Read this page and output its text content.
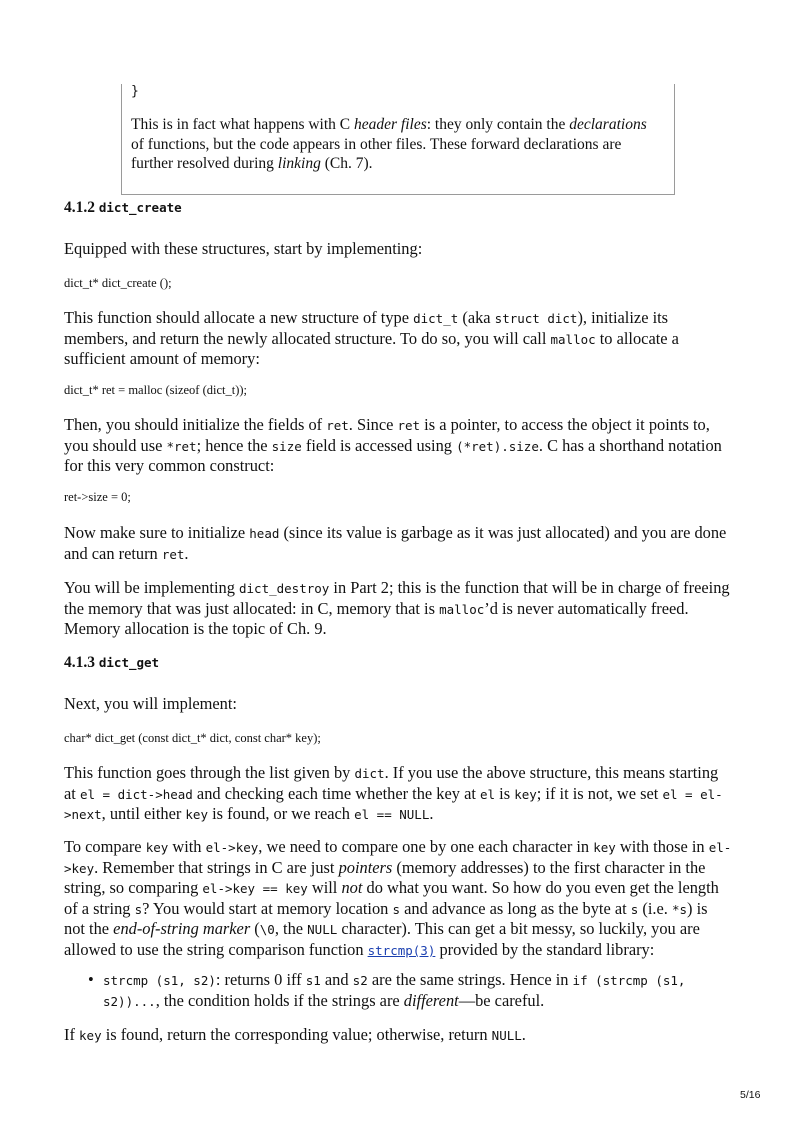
}
This is in fact what happens with C header files: they only contain the declarations of functions, but the code appears in other files. These forward declarations are further resolved during linking (Ch. 7).
4.1.2 dict_create
Equipped with these structures, start by implementing:
dict_t* dict_create ();
This function should allocate a new structure of type dict_t (aka struct dict), initialize its members, and return the newly allocated structure. To do so, you will call malloc to allocate a sufficient amount of memory:
dict_t* ret = malloc (sizeof (dict_t));
Then, you should initialize the fields of ret. Since ret is a pointer, to access the object it points to, you should use *ret; hence the size field is accessed using (*ret).size. C has a shorthand notation for this very common construct:
ret->size = 0;
Now make sure to initialize head (since its value is garbage as it was just allocated) and you are done and can return ret.
You will be implementing dict_destroy in Part 2; this is the function that will be in charge of freeing the memory that was just allocated: in C, memory that is malloc’d is never automatically freed. Memory allocation is the topic of Ch. 9.
4.1.3 dict_get
Next, you will implement:
char* dict_get (const dict_t* dict, const char* key);
This function goes through the list given by dict. If you use the above structure, this means starting at el = dict->head and checking each time whether the key at el is key; if it is not, we set el = el->next, until either key is found, or we reach el == NULL.
To compare key with el->key, we need to compare one by one each character in key with those in el->key. Remember that strings in C are just pointers (memory addresses) to the first character in the string, so comparing el->key == key will not do what you want. So how do you even get the length of a string s? You would start at memory location s and advance as long as the byte at s (i.e. *s) is not the end-of-string marker (\0, the NULL character). This can get a bit messy, so luckily, you are allowed to use the string comparison function strcmp(3) provided by the standard library:
• strcmp (s1, s2): returns 0 iff s1 and s2 are the same strings. Hence in if (strcmp (s1, s2))..., the condition holds if the strings are different—be careful.
If key is found, return the corresponding value; otherwise, return NULL.
5/16
